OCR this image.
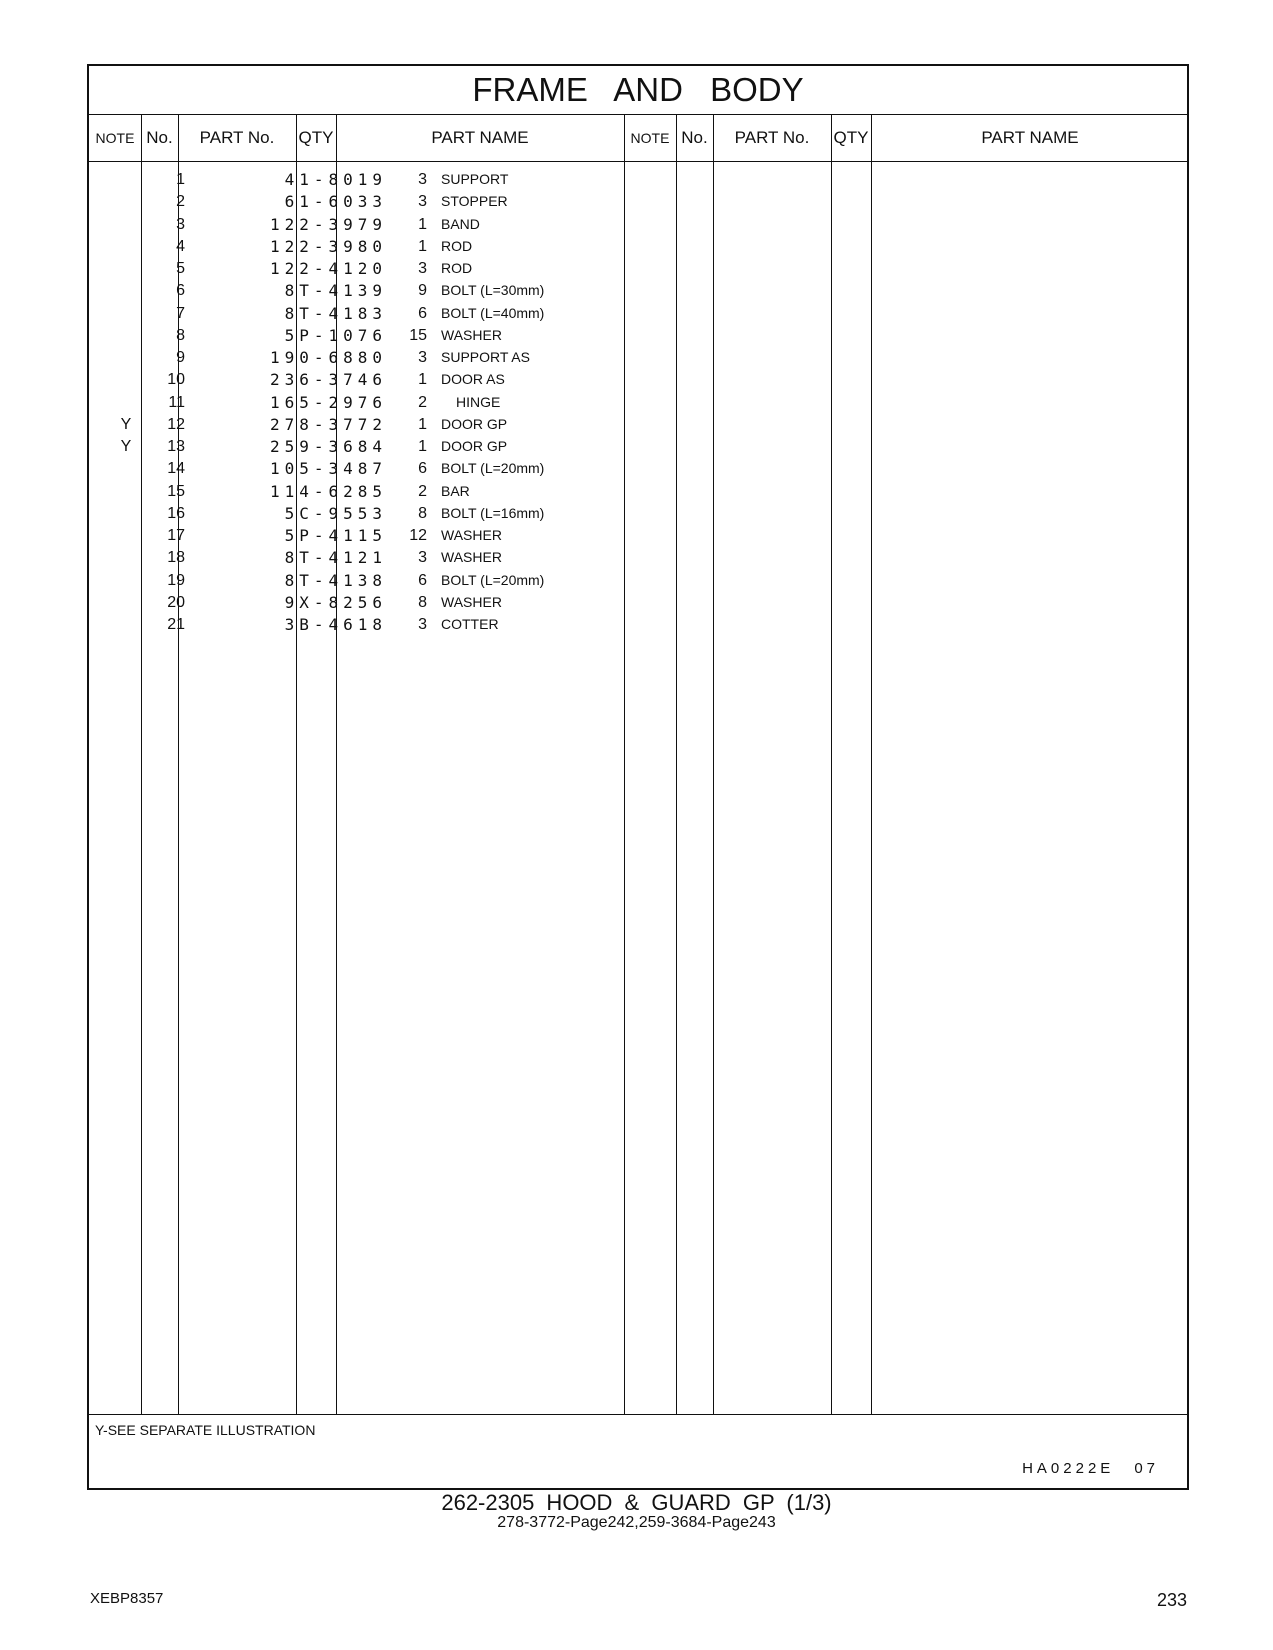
FRAME AND BODY
NOTE No.	PART No.	QTY	PART NAME	NOTE No.	PART No.	QTY	PART NAME
1	41-8019	3 SUPPORT
2	61-6033	3 STOPPER
3	122-3979	1 BAND
4	122-3980	1 ROD
5	122-4120	3 ROD
6	8T-4139	9 BOLT (L=30mm)
7	8T-4183	6 BOLT (L=40mm)
8	5P-1076	15 WASHER
9	190-6880	3 SUPPORT AS
10	236-3746	1 DOOR AS
11	165-2976	2 HINGE
Y	12	278-3772	1 DOOR GP
Y	13	259-3684	1 DOOR GP
14	105-3487	6 BOLT (L=20mm)
15	114-6285	2 BAR
16	5C-9553	8 BOLT (L=16mm)
17	5P-4115	12 WASHER
18	8T-4121	3 WASHER
19	8T-4138	6 BOLT (L=20mm)
20	9X-8256	8 WASHER
21	3B-4618	3 COTTER
Y-SEE SEPARATE ILLUSTRATION
HA0222E 07
262-2305 HOOD & GUARD GP (1/3)
278-3772-Page242,259-3684-Page243
XEBP8357	233
